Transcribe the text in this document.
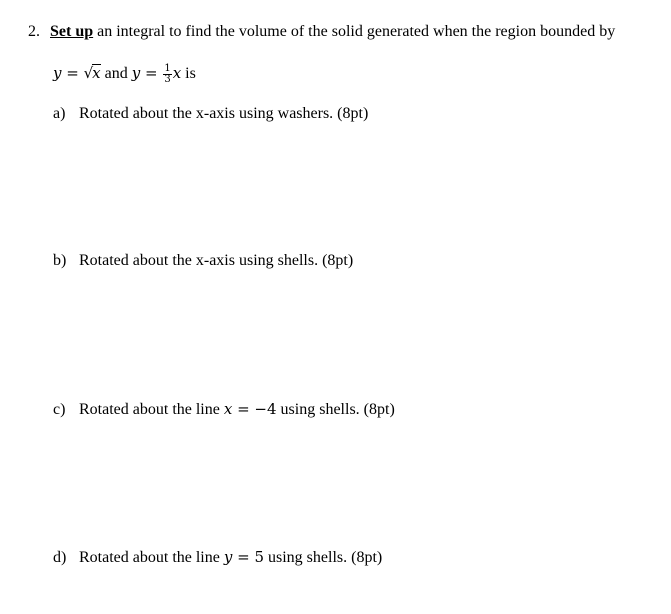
2. Set up an integral to find the volume of the solid generated when the region bounded by
y = √x and $y = \frac{1}{3}$ x is
a) Rotated about the x-axis using washers. (8pt)
b) Rotated about the x-axis using shells. (8pt)
c) Rotated about the line x = −4 using shells. (8pt)
d) Rotated about the line y = 5 using shells. (8pt)
